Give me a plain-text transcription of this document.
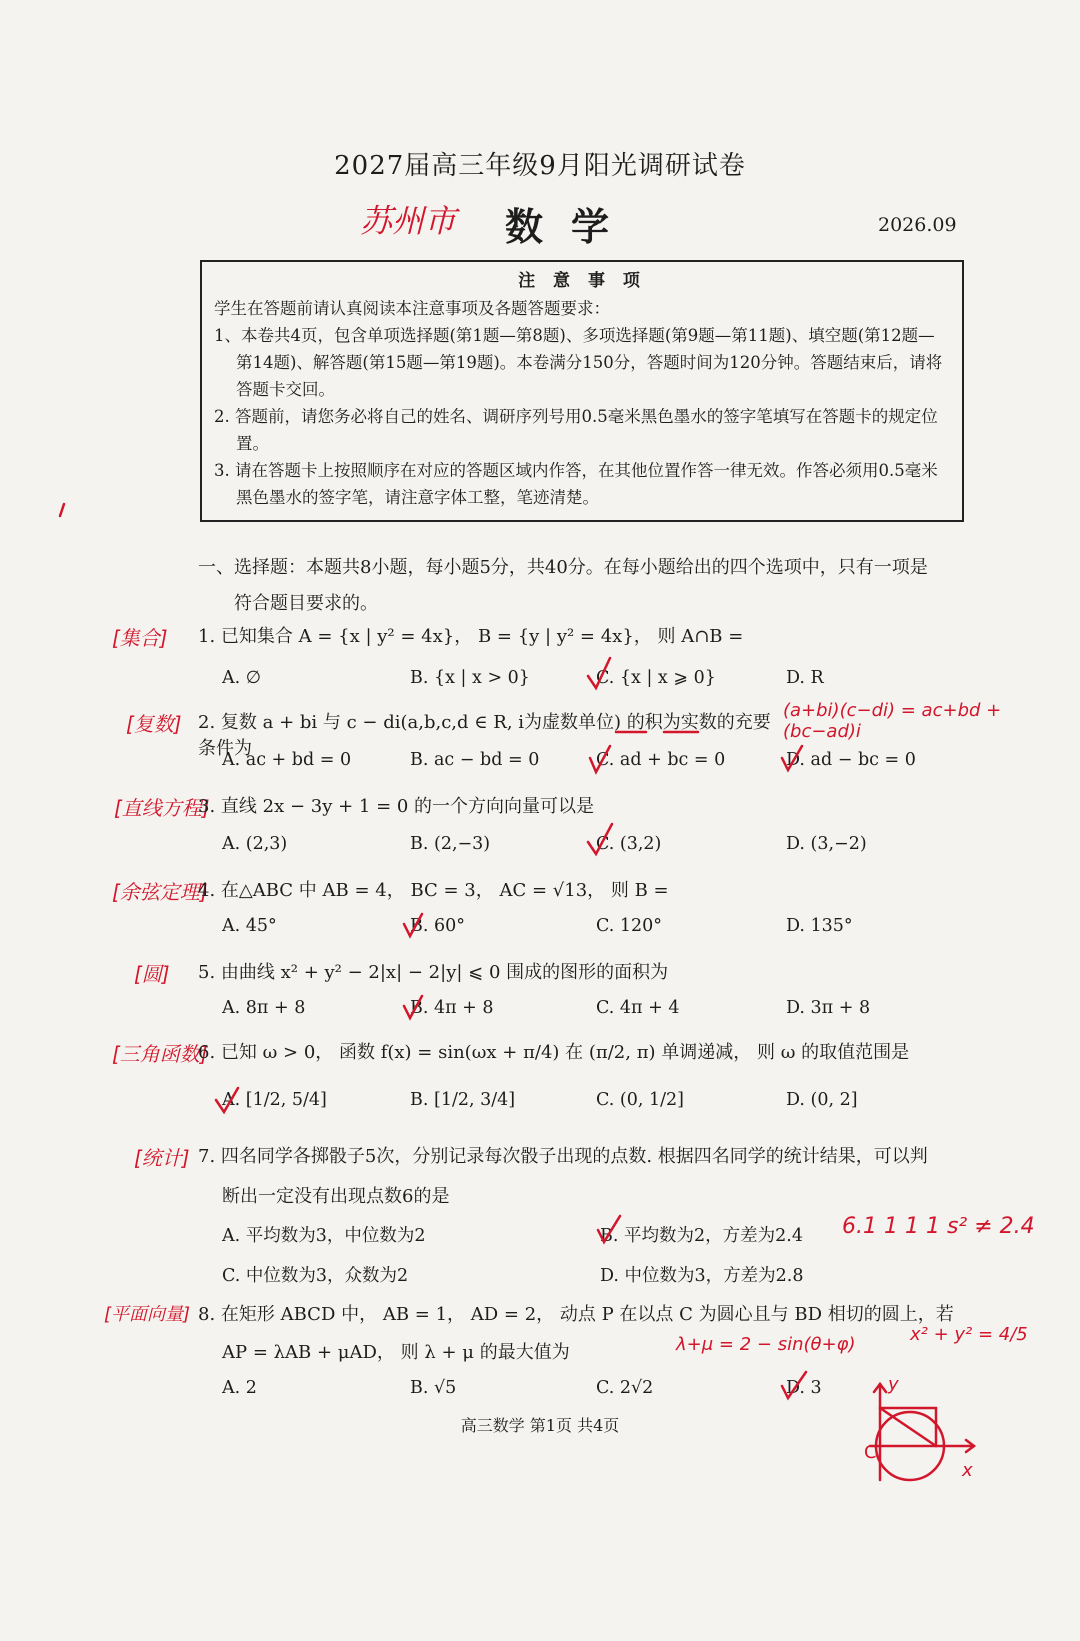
2027届高三年级9月阳光调研试卷
苏州市 数学	2026.09
注 意 事 项
学生在答题前请认真阅读本注意事项及各题答题要求：
1、本卷共4页，包含单项选择题(第1题—第8题)、多项选择题(第9题—第11题)、填空题(第12题—第14题)、解答题(第15题—第19题)。本卷满分150分，答题时间为120分钟。答题结束后，请将答题卡交回。
2. 答题前，请您务必将自己的姓名、调研序列号用0.5毫米黑色墨水的签字笔填写在答题卡的规定位置。
3. 请在答题卡上按照顺序在对应的答题区域内作答，在其他位置作答一律无效。作答必须用0.5毫米黑色墨水的签字笔，请注意字体工整，笔迹清楚。
一、选择题：本题共8小题，每小题5分，共40分。在每小题给出的四个选项中，只有一项是
符合题目要求的。
[集合] 1. 已知集合 A = {x | y² = 4x}， B = {y | y² = 4x}， 则 A∩B =
A. ∅	B. {x | x > 0}	C. {x | x ⩾ 0}	D. R
[复数] 2. 复数 a + bi 与 c − di(a,b,c,d ∈ R, i为虚数单位) 的积为实数的充要条件为
(a+bi)(c−di) = ac+bd + (bc−ad)i
A. ac + bd = 0	B. ac − bd = 0	C. ad + bc = 0	D. ad − bc = 0
[直线方程]
3. 直线 2x − 3y + 1 = 0 的一个方向向量可以是
A. (2,3)	B. (2,−3)	C. (3,2)	D. (3,−2)
[余弦定理]
4. 在△ABC 中 AB = 4， BC = 3， AC = √13， 则 B =
A. 45°	B. 60°	C. 120°	D. 135°
[圆] 5. 由曲线 x² + y² − 2|x| − 2|y| ⩽ 0 围成的图形的面积为
A. 8π + 8	B. 4π + 8	C. 4π + 4	D. 3π + 8
[三角函数]
6. 已知 ω > 0， 函数 f(x) = sin(ωx + π/4) 在 (π/2, π) 单调递减， 则 ω 的取值范围是
A. [1/2, 5/4]	B. [1/2, 3/4]	C. (0, 1/2]	D. (0, 2]
[统计] 7. 四名同学各掷骰子5次，分别记录每次骰子出现的点数. 根据四名同学的统计结果，可以判
断出一定没有出现点数6的是
A. 平均数为3，中位数为2	B. 平均数为2，方差为2.4 6.1 1 1 1 s² ≠ 2.4
C. 中位数为3，众数为2	D. 中位数为3，方差为2.8
[平面向量] 8. 在矩形 ABCD 中， AB = 1， AD = 2， 动点 P 在以点 C 为圆心且与 BD 相切的圆上，若
AP = λAB + μAD， 则 λ + μ 的最大值为	λ+μ = 2 − sin(θ+φ)	x² + y² = 4/5
A. 2	B. √5	C. 2√2	D. 3
高三数学 第1页 共4页
x
y
C
